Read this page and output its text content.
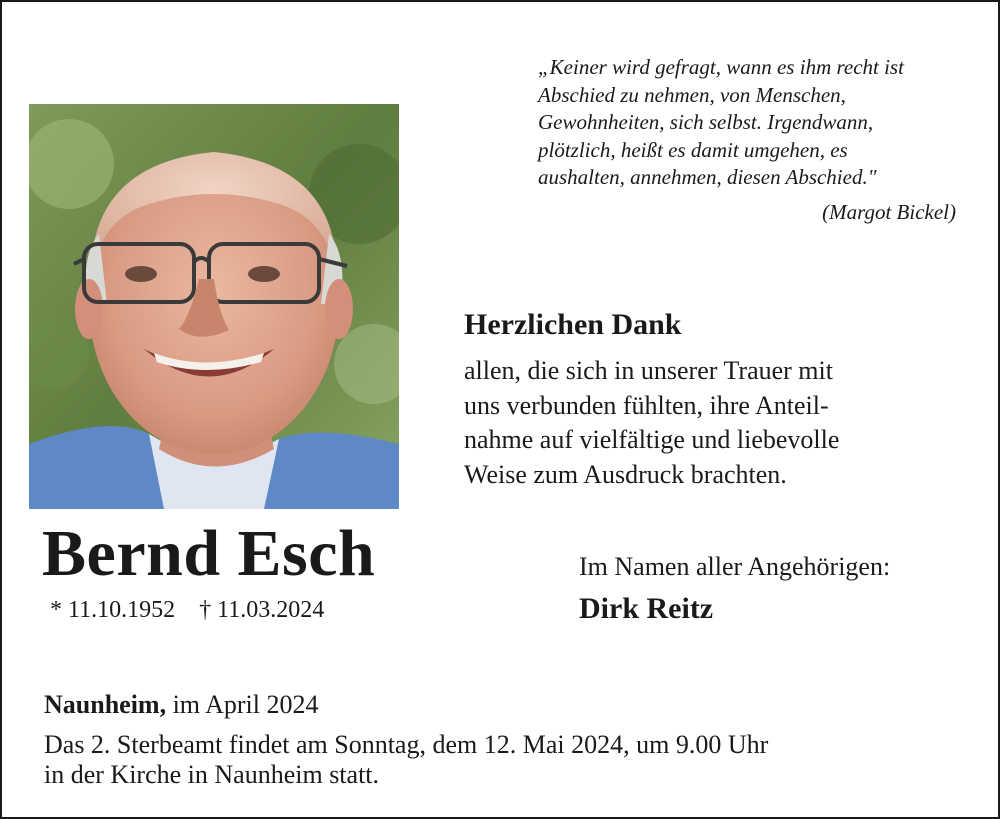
„Keiner wird gefragt, wann es ihm recht ist

Abschied zu nehmen, von Menschen,

Gewohnheiten, sich selbst. Irgendwann,

plötzlich, heißt es damit umgehen, es

aushalten, annehmen, diesen Abschied."

(Margot Bickel)
Bernd Esch
* 11.10.1952 † 11.03.2024
Herzlichen Dank

allen, die sich in unserer Trauer mit

uns verbunden fühlten, ihre Anteil-

nahme auf vielfältige und liebevolle

Weise zum Ausdruck brachten.

Im Namen aller Angehörigen:
Dirk Reitz
Naunheim, im April 2024

Das 2. Sterbeamt findet am Sonntag, dem 12. Mai 2024, um 9.00 Uhr

in der Kirche in Naunheim statt.
